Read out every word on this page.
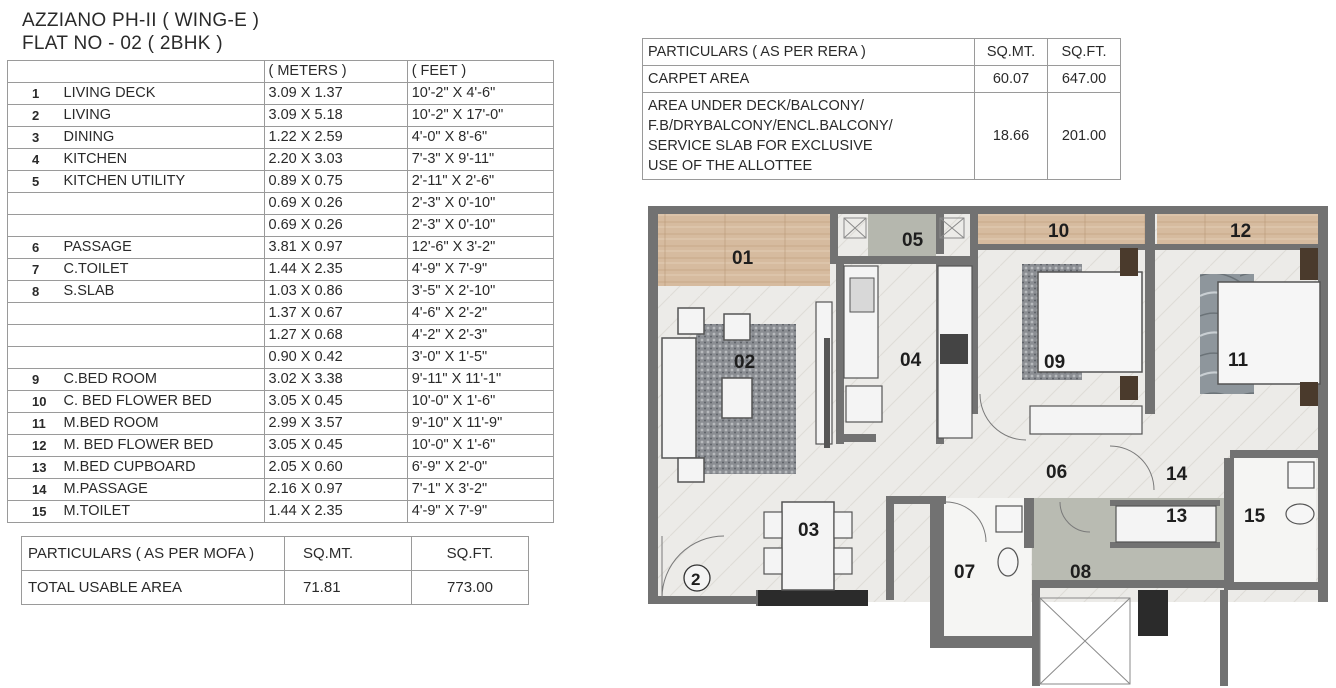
AZZIANO PH-II ( WING-E )
FLAT NO - 02 ( 2BHK )
		( METERS )	( FEET )
1	LIVING DECK	3.09 X 1.37	10'-2" X 4'-6"
2	LIVING	3.09 X 5.18	10'-2" X 17'-0"
3	DINING	1.22 X 2.59	4'-0" X 8'-6"
4	KITCHEN	2.20 X 3.03	7'-3" X 9'-11"
5	KITCHEN UTILITY	0.89 X 0.75	2'-11" X 2'-6"
		0.69 X 0.26	2'-3" X 0'-10"
		0.69 X 0.26	2'-3" X 0'-10"
6	PASSAGE	3.81 X 0.97	12'-6" X 3'-2"
7	C.TOILET	1.44 X 2.35	4'-9" X 7'-9"
8	S.SLAB	1.03 X 0.86	3'-5" X 2'-10"
		1.37 X 0.67	4'-6" X 2'-2"
		1.27 X 0.68	4'-2" X 2'-3"
		0.90 X 0.42	3'-0" X 1'-5"
9	C.BED ROOM	3.02 X 3.38	9'-11" X 11'-1"
10	C. BED FLOWER BED	3.05 X 0.45	10'-0" X 1'-6"
11	M.BED ROOM	2.99 X 3.57	9'-10" X 11'-9"
12	M. BED FLOWER BED	3.05 X 0.45	10'-0" X 1'-6"
13	M.BED CUPBOARD	2.05 X 0.60	6'-9" X 2'-0"
14	M.PASSAGE	2.16 X 0.97	7'-1" X 3'-2"
15	M.TOILET	1.44 X 2.35	4'-9" X 7'-9"
PARTICULARS ( AS PER MOFA )	SQ.MT.	SQ.FT.
TOTAL USABLE AREA	71.81	773.00
PARTICULARS ( AS PER RERA )	SQ.MT.	SQ.FT.
CARPET AREA	60.07	647.00

AREA UNDER DECK/BALCONY/
F.B/DRYBALCONY/ENCL.BALCONY/
SERVICE SLAB FOR EXCLUSIVE
USE OF THE ALLOTTEE	18.66	201.00
01
02
03
04
05
06
07	08
09
10
11
12
13
14
15
2
